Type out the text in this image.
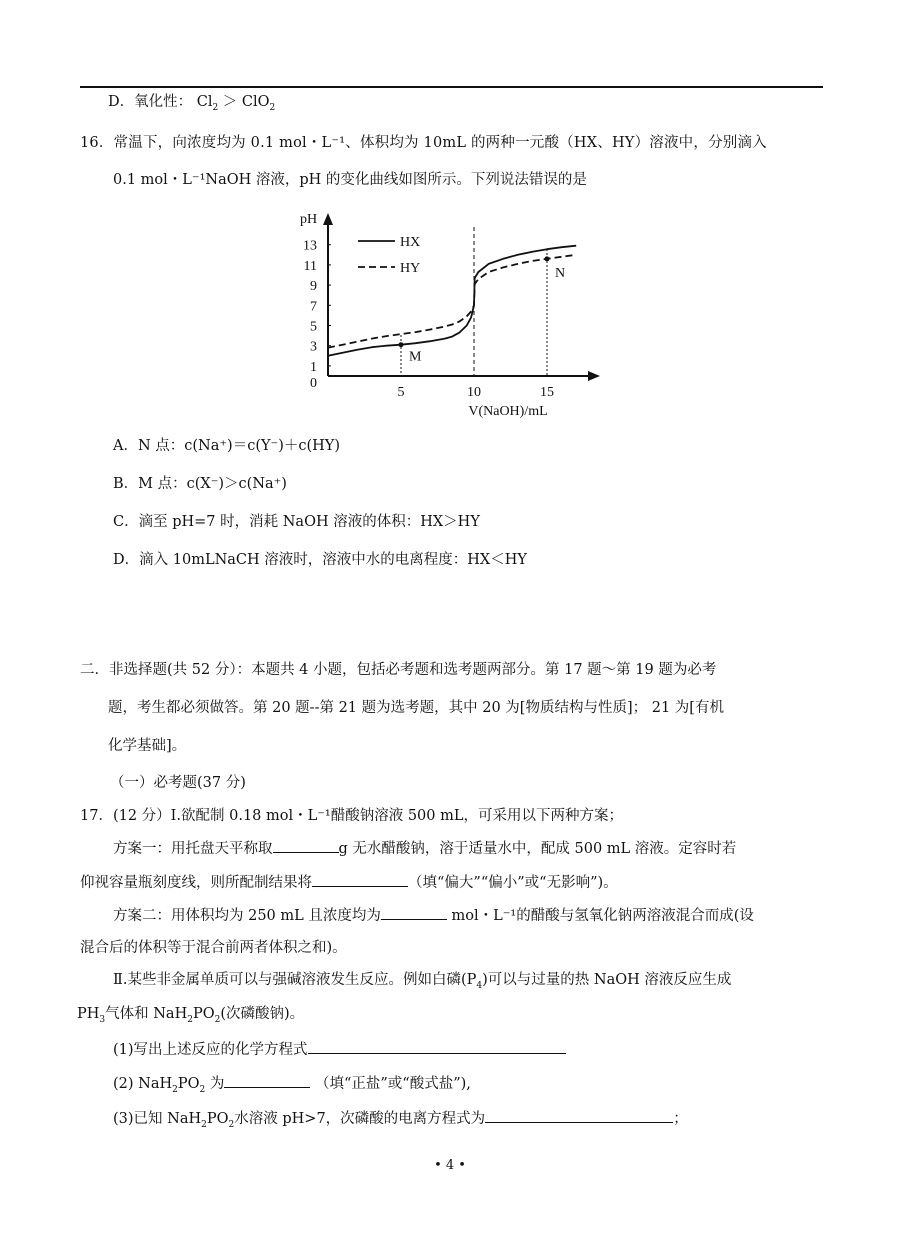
D．氧化性： $Cl_2 > ClO_2$
16．常温下，向浓度均为 0.1 mol・L⁻¹、体积均为 10mL 的两种一元酸（HX、HY）溶液中，分别滴入
0.1 mol・L⁻¹NaOH 溶液，pH 的变化曲线如图所示。下列说法错误的是
pH
0
1
3
5
7
9
11
13
5	10	15
V(NaOH)/mL
HX
HY
M
N
A．N 点：c(Na⁺)＝c(Y⁻)＋c(HY)
B．M 点：c(X⁻)＞c(Na⁺)
C．滴至 pH=7 时，消耗 NaOH 溶液的体积：HX＞HY
D．滴入 10mLNaCH 溶液时，溶液中水的电离程度：HX＜HY
二．非选择题(共 52 分）：本题共 4 小题，包括必考题和选考题两部分。第 17 题～第 19 题为必考
题，考生都必须做答。第 20 题--第 21 题为选考题，其中 20 为[物质结构与性质]； 21 为[有机
化学基础]。
（一）必考题(37 分)
17．(12 分）Ⅰ.欲配制 0.18 mol・L⁻¹醋酸钠溶液 500 mL，可采用以下两种方案；
方案一：用托盘天平称取	g 无水醋酸钠，溶于适量水中，配成 500 mL 溶液。定容时若
仰视容量瓶刻度线，则所配制结果将	（填“偏大”“偏小”或“无影响”)。
方案二：用体积均为 250 mL 且浓度均为	mol・L⁻¹的醋酸与氢氧化钠两溶液混合而成(设
混合后的体积等于混合前两者体积之和)。
Ⅱ.某些非金属单质可以与强碱溶液发生反应。例如白磷$(P_4)$可以与过量的热 NaOH 溶液反应生成
$PH_3$气体和 $NaH_2PO_2$(次磷酸钠)。
(1)写出上述反应的化学方程式
(2) $NaH_2PO_2$ 为	（填“正盐”或“酸式盐”),
(3)已知 $NaH_2PO_2$水溶液 pH>7，次磷酸的电离方程式为	；
• 4 •
